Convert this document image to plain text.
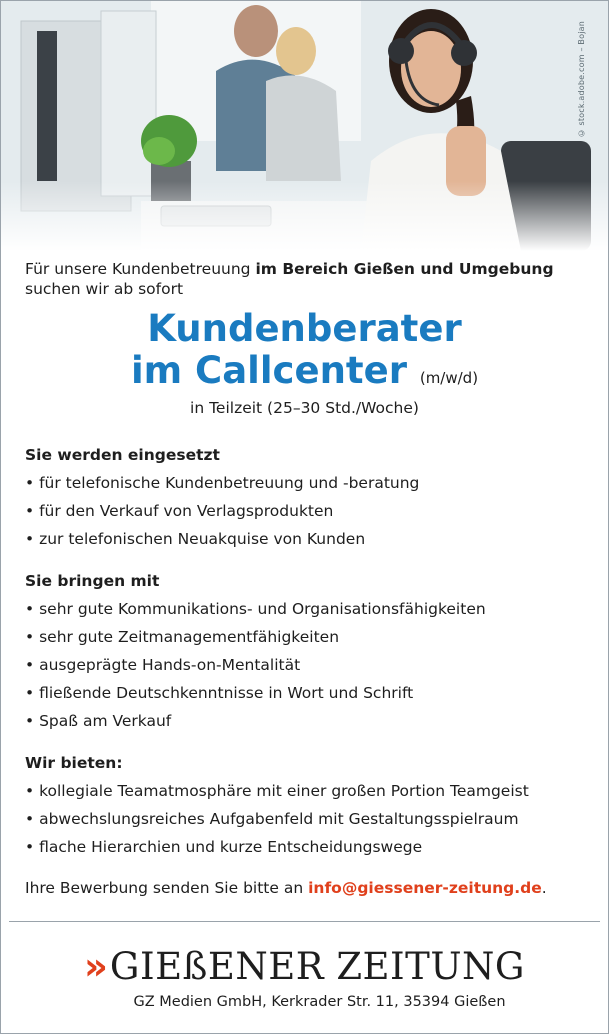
© stock.adobe.com – Bojan
Für unsere Kundenbetreuung im Bereich Gießen und Umgebung
suchen wir ab sofort
Kundenberater
im Callcenter (m/w/d)
in Teilzeit (25–30 Std./Woche)
Sie werden eingesetzt
• für telefonische Kundenbetreuung und -beratung
• für den Verkauf von Verlagsprodukten
• zur telefonischen Neuakquise von Kunden
Sie bringen mit
• sehr gute Kommunikations- und Organisationsfähigkeiten
• sehr gute Zeitmanagementfähigkeiten
• ausgeprägte Hands-on-Mentalität
• fließende Deutschkenntnisse in Wort und Schrift
• Spaß am Verkauf
Wir bieten:
• kollegiale Teamatmosphäre mit einer großen Portion Teamgeist
• abwechslungsreiches Aufgabenfeld mit Gestaltungsspielraum
• flache Hierarchien und kurze Entscheidungswege
Ihre Bewerbung senden Sie bitte an info@giessener-zeitung.de.
» GIEßENER ZEITUNG
GZ Medien GmbH, Kerkrader Str. 11, 35394 Gießen
